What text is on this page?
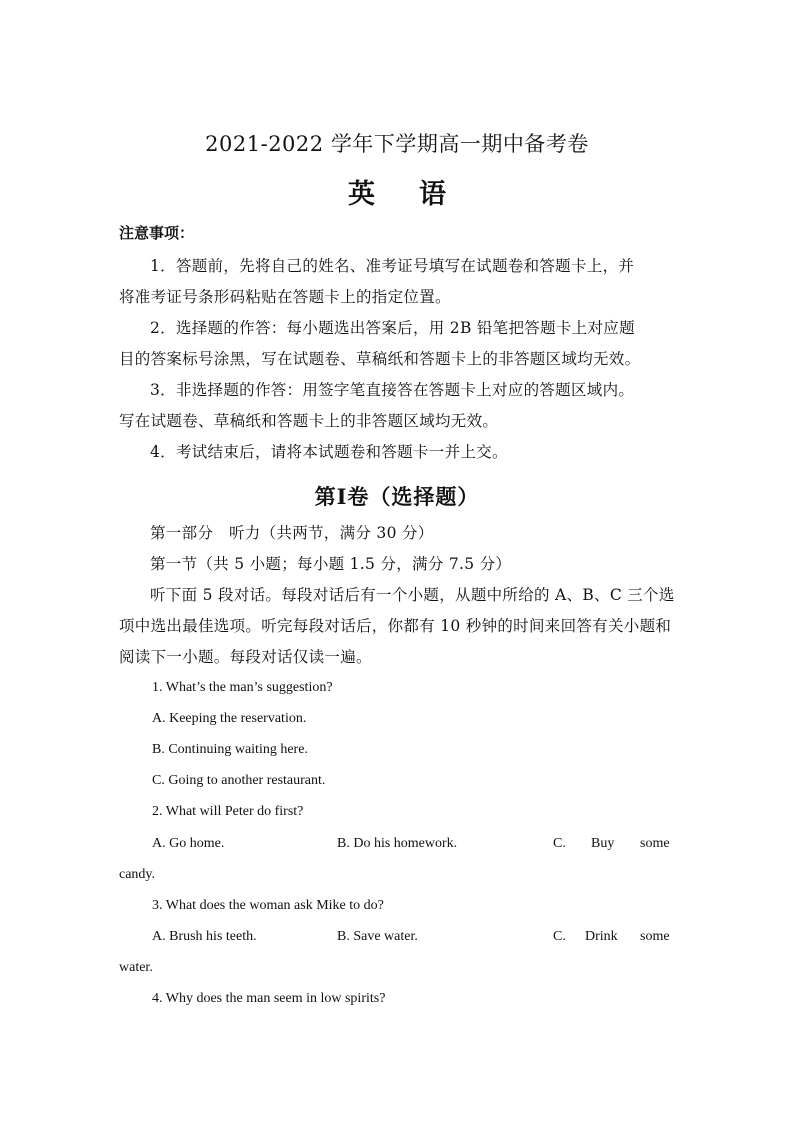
2021-2022 学年下学期高一期中备考卷
英语
注意事项：
1．答题前，先将自己的姓名、准考证号填写在试题卷和答题卡上，并
将准考证号条形码粘贴在答题卡上的指定位置。
2．选择题的作答：每小题选出答案后，用 2B 铅笔把答题卡上对应题
目的答案标号涂黑，写在试题卷、草稿纸和答题卡上的非答题区域均无效。
3．非选择题的作答：用签字笔直接答在答题卡上对应的答题区域内。
写在试题卷、草稿纸和答题卡上的非答题区域均无效。
4．考试结束后，请将本试题卷和答题卡一并上交。
第Ⅰ卷（选择题）
第一部分　听力（共两节，满分 30 分）
第一节（共 5 小题；每小题 1.5 分，满分 7.5 分）
听下面 5 段对话。每段对话后有一个小题，从题中所给的 A、B、C 三个选
项中选出最佳选项。听完每段对话后，你都有 10 秒钟的时间来回答有关小题和
阅读下一小题。每段对话仅读一遍。
1. What’s the man’s suggestion?
A. Keeping the reservation.
B. Continuing waiting here.
C. Going to another restaurant.
2. What will Peter do first?
A. Go home.	B. Do his homework.	C. Buy some
candy.
3. What does the woman ask Mike to do?
A. Brush his teeth.	B. Save water.	C. Drink some
water.
4. Why does the man seem in low spirits?
